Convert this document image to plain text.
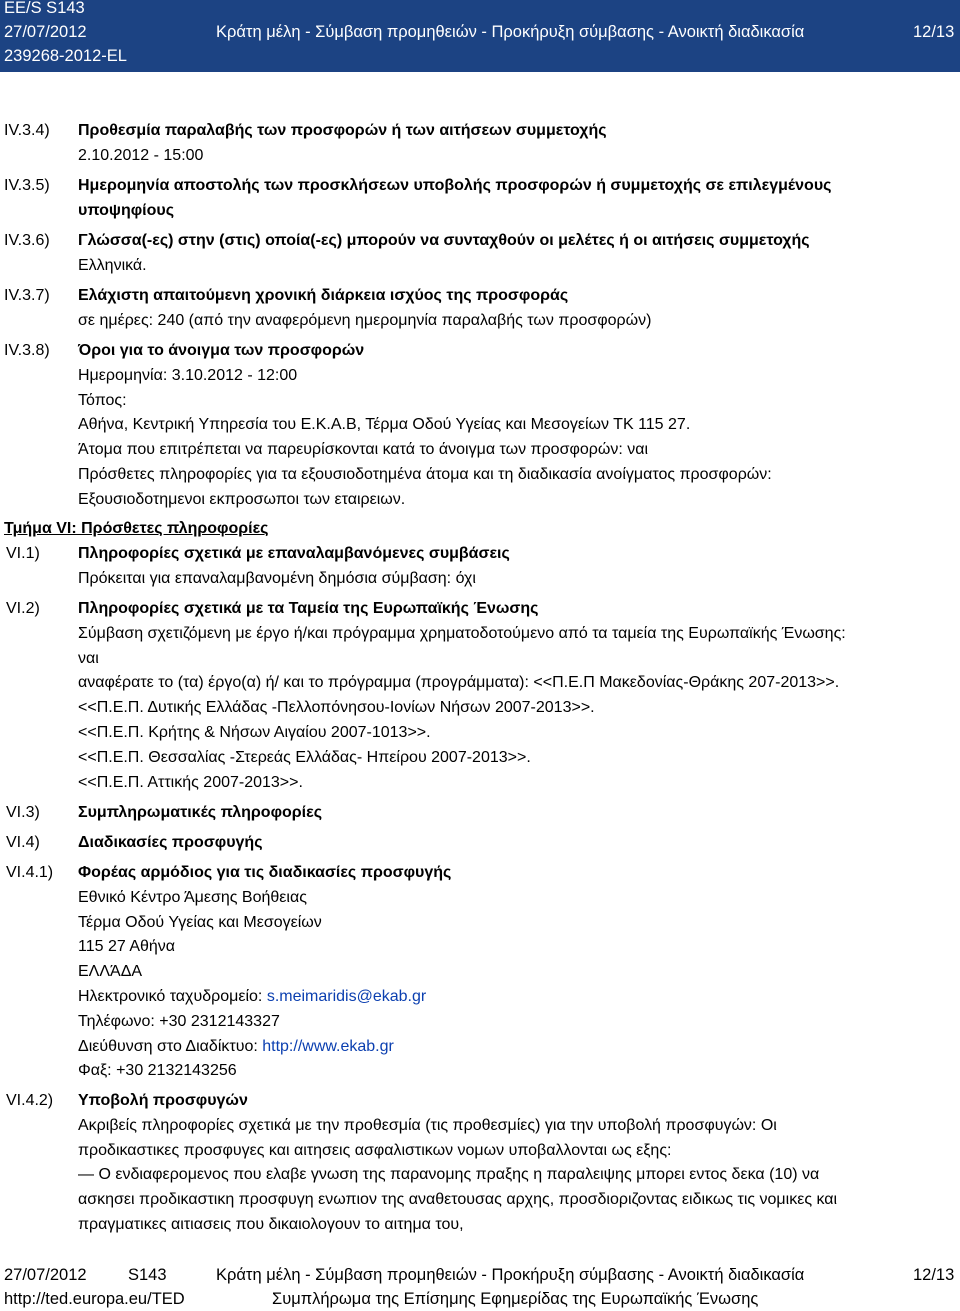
EE/S S143
27/07/2012	Κράτη μέλη - Σύμβαση προμηθειών - Προκήρυξη σύμβασης - Ανοικτή διαδικασία	12/13
239268-2012-EL
IV.3.4) Προθεσμία παραλαβής των προσφορών ή των αιτήσεων συμμετοχής
2.10.2012 - 15:00
IV.3.5) Ημερομηνία αποστολής των προσκλήσεων υποβολής προσφορών ή συμμετοχής σε επιλεγμένους
υποψηφίους
IV.3.6) Γλώσσα(-ες) στην (στις) οποία(-ες) μπορούν να συνταχθούν οι μελέτες ή οι αιτήσεις συμμετοχής
Ελληνικά.
IV.3.7) Ελάχιστη απαιτούμενη χρονική διάρκεια ισχύος της προσφοράς
σε ημέρες: 240 (από την αναφερόμενη ημερομηνία παραλαβής των προσφορών)
IV.3.8) Όροι για το άνοιγμα των προσφορών
Ημερομηνία: 3.10.2012 - 12:00
Τόπος:
Αθήνα, Κεντρική Υπηρεσία του Ε.Κ.Α.Β, Τέρμα Οδού Υγείας και Μεσογείων ΤΚ 115 27.
Άτομα που επιτρέπεται να παρευρίσκονται κατά το άνοιγμα των προσφορών: ναι
Πρόσθετες πληροφορίες για τα εξουσιοδοτημένα άτομα και τη διαδικασία ανοίγματος προσφορών:
Εξουσιοδοτημενοι εκπροσωποι των εταιρειων.
Τμήμα VI: Πρόσθετες πληροφορίες
VI.1) Πληροφορίες σχετικά με επαναλαμβανόμενες συμβάσεις
Πρόκειται για επαναλαμβανομένη δημόσια σύμβαση: όχι
VI.2) Πληροφορίες σχετικά με τα Ταμεία της Ευρωπαϊκής Ένωσης
Σύμβαση σχετιζόμενη με έργο ή/και πρόγραμμα χρηματοδοτούμενο από τα ταμεία της Ευρωπαϊκής Ένωσης:
ναι
αναφέρατε το (τα) έργο(α) ή/ και το πρόγραμμα (προγράμματα): <<Π.Ε.Π Μακεδονίας-Θράκης 207-2013>>.
<<Π.Ε.Π. Δυτικής Ελλάδας -Πελλοπόνησου-Ιονίων Νήσων 2007-2013>>.
<<Π.Ε.Π. Κρήτης & Νήσων Αιγαίου 2007-1013>>.
<<Π.Ε.Π. Θεσσαλίας -Στερεάς Ελλάδας- Ηπείρου 2007-2013>>.
<<Π.Ε.Π. Αττικής 2007-2013>>.
VI.3) Συμπληρωματικές πληροφορίες
VI.4) Διαδικασίες προσφυγής
VI.4.1) Φορέας αρμόδιος για τις διαδικασίες προσφυγής
Εθνικό Κέντρο Άμεσης Βοήθειας
Τέρμα Οδού Υγείας και Μεσογείων
115 27 Αθήνα
ΕΛΛΆΔΑ
Ηλεκτρονικό ταχυδρομείο: s.meimaridis@ekab.gr
Τηλέφωνο: +30 2312143327
Διεύθυνση στο Διαδίκτυο: http://www.ekab.gr
Φαξ: +30 2132143256
VI.4.2) Υποβολή προσφυγών
Ακριβείς πληροφορίες σχετικά με την προθεσμία (τις προθεσμίες) για την υποβολή προσφυγών: Οι
προδικαστικες προσφυγες και αιτησεις ασφαλιστικων νομων υποβαλλονται ως εξης:
— Ο ενδιαφερομενος που ελαβε γνωση της παρανομης πραξης η παραλειψης μπορει εντος δεκα (10) να
ασκησει προδικαστικη προσφυγη ενωπιον της αναθετουσας αρχης, προσδιοριζοντας ειδικως τις νομικες και
πραγματικες αιτιασεις που δικαιολογουν το αιτημα του,
27/07/2012	S143	Κράτη μέλη - Σύμβαση προμηθειών - Προκήρυξη σύμβασης - Ανοικτή διαδικασία	12/13
http://ted.europa.eu/TED	Συμπλήρωμα της Επίσημης Εφημερίδας της Ευρωπαϊκής Ένωσης
